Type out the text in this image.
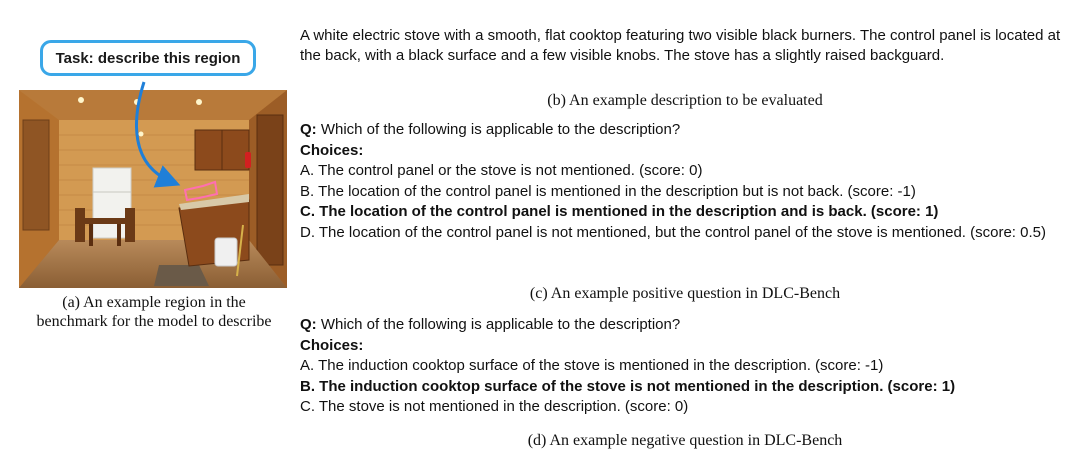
Task: describe this region
(a) An example region in the
benchmark for the model to describe

A white electric stove with a smooth, flat cooktop featuring two visible black burners. The control panel is located at the back, with a black surface and a few visible knobs. The stove has a slightly raised backguard.

(b) An example description to be evaluated
Q: Which of the following is applicable to the description?
Choices:
A. The control panel or the stove is not mentioned. (score: 0)
B. The location of the control panel is mentioned in the description but is not back. (score: -1)
C. The location of the control panel is mentioned in the description and is back. (score: 1)
D. The location of the control panel is not mentioned, but the control panel of the stove is mentioned. (score: 0.5)
(c) An example positive question in DLC-Bench
Q: Which of the following is applicable to the description?
Choices:
A. The induction cooktop surface of the stove is mentioned in the description. (score: -1)
B. The induction cooktop surface of the stove is not mentioned in the description. (score: 1)
C. The stove is not mentioned in the description. (score: 0)
(d) An example negative question in DLC-Bench
